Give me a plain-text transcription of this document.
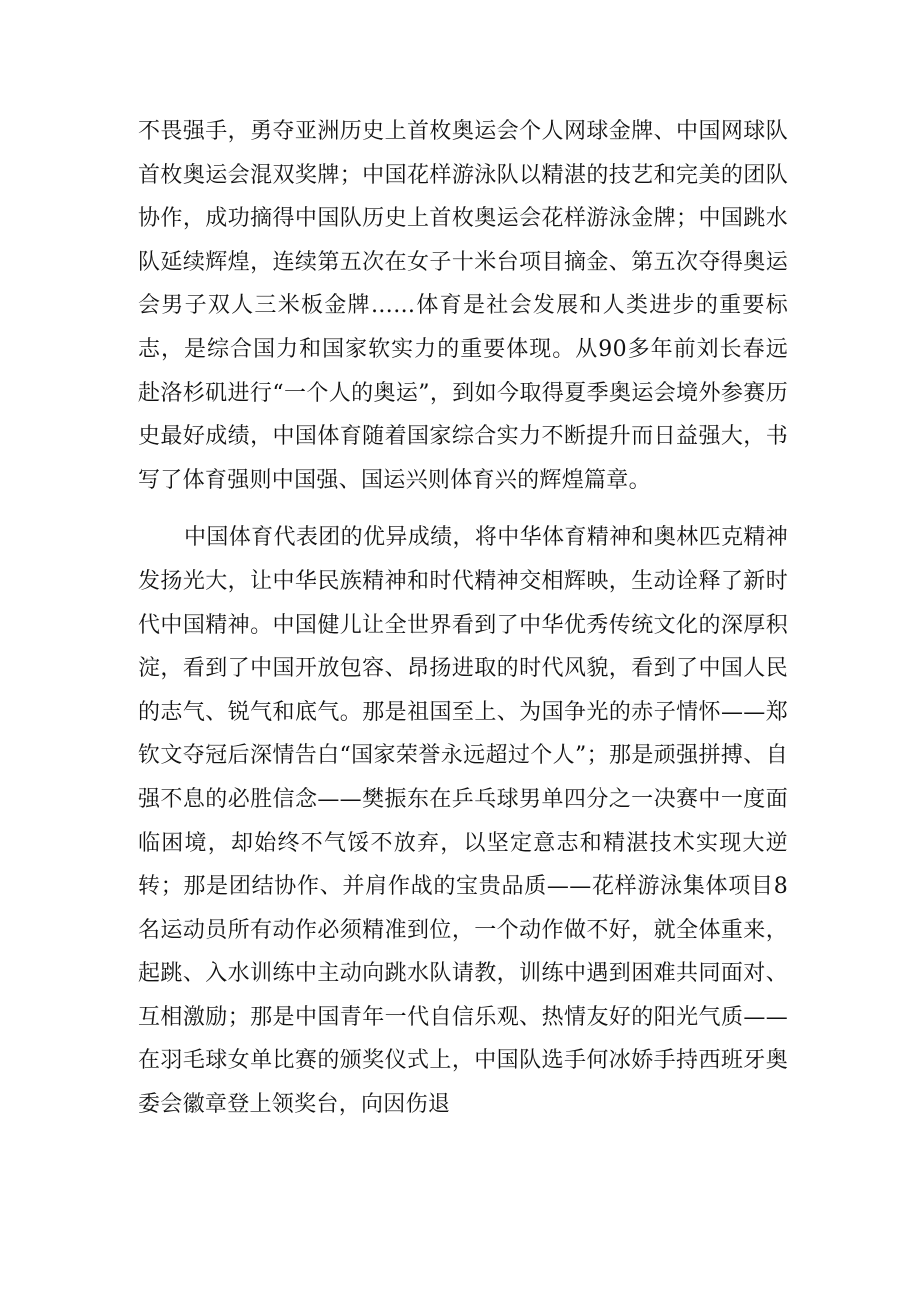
不畏强手，勇夺亚洲历史上首枚奥运会个人网球金牌、中国网球队首枚奥运会混双奖牌；中国花样游泳队以精湛的技艺和完美的团队协作，成功摘得中国队历史上首枚奥运会花样游泳金牌；中国跳水队延续辉煌，连续第五次在女子十米台项目摘金、第五次夺得奥运会男子双人三米板金牌……体育是社会发展和人类进步的重要标志，是综合国力和国家软实力的重要体现。从90多年前刘长春远赴洛杉矶进行“一个人的奥运”，到如今取得夏季奥运会境外参赛历史最好成绩，中国体育随着国家综合实力不断提升而日益强大，书写了体育强则中国强、国运兴则体育兴的辉煌篇章。

中国体育代表团的优异成绩，将中华体育精神和奥林匹克精神发扬光大，让中华民族精神和时代精神交相辉映，生动诠释了新时代中国精神。中国健儿让全世界看到了中华优秀传统文化的深厚积淀，看到了中国开放包容、昂扬进取的时代风貌，看到了中国人民的志气、锐气和底气。那是祖国至上、为国争光的赤子情怀——郑钦文夺冠后深情告白“国家荣誉永远超过个人”；那是顽强拼搏、自强不息的必胜信念——樊振东在乒乓球男单四分之一决赛中一度面临困境，却始终不气馁不放弃，以坚定意志和精湛技术实现大逆转；那是团结协作、并肩作战的宝贵品质——花样游泳集体项目8名运动员所有动作必须精准到位，一个动作做不好，就全体重来，起跳、入水训练中主动向跳水队请教，训练中遇到困难共同面对、互相激励；那是中国青年一代自信乐观、热情友好的阳光气质——在羽毛球女单比赛的颁奖仪式上，中国队选手何冰娇手持西班牙奥委会徽章登上领奖台，向因伤退
